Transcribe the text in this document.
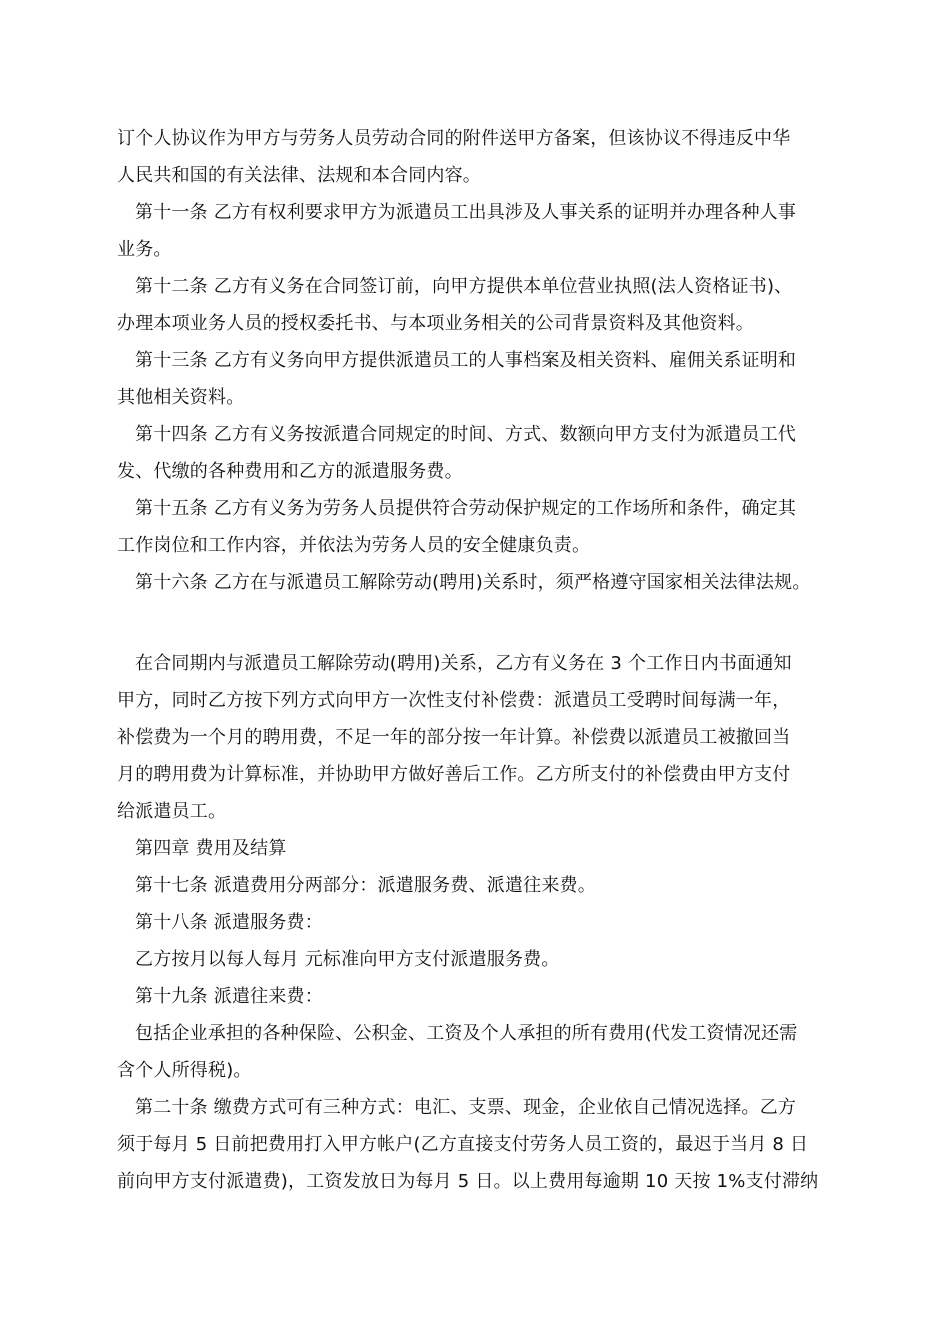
订个人协议作为甲方与劳务人员劳动合同的附件送甲方备案，但该协议不得违反中华
人民共和国的有关法律、法规和本合同内容。
第十一条 乙方有权利要求甲方为派遣员工出具涉及人事关系的证明并办理各种人事
业务。
第十二条 乙方有义务在合同签订前，向甲方提供本单位营业执照(法人资格证书)、
办理本项业务人员的授权委托书、与本项业务相关的公司背景资料及其他资料。
第十三条 乙方有义务向甲方提供派遣员工的人事档案及相关资料、雇佣关系证明和
其他相关资料。
第十四条 乙方有义务按派遣合同规定的时间、方式、数额向甲方支付为派遣员工代
发、代缴的各种费用和乙方的派遣服务费。
第十五条 乙方有义务为劳务人员提供符合劳动保护规定的工作场所和条件，确定其
工作岗位和工作内容，并依法为劳务人员的安全健康负责。
第十六条 乙方在与派遣员工解除劳动(聘用)关系时，须严格遵守国家相关法律法规。
在合同期内与派遣员工解除劳动(聘用)关系，乙方有义务在 3 个工作日内书面通知
甲方，同时乙方按下列方式向甲方一次性支付补偿费：派遣员工受聘时间每满一年，
补偿费为一个月的聘用费，不足一年的部分按一年计算。补偿费以派遣员工被撤回当
月的聘用费为计算标准，并协助甲方做好善后工作。乙方所支付的补偿费由甲方支付
给派遣员工。
第四章 费用及结算
第十七条 派遣费用分两部分：派遣服务费、派遣往来费。
第十八条 派遣服务费：
乙方按月以每人每月 元标准向甲方支付派遣服务费。
第十九条 派遣往来费：
包括企业承担的各种保险、公积金、工资及个人承担的所有费用(代发工资情况还需
含个人所得税)。
第二十条 缴费方式可有三种方式：电汇、支票、现金，企业依自己情况选择。乙方
须于每月 5 日前把费用打入甲方帐户(乙方直接支付劳务人员工资的，最迟于当月 8 日
前向甲方支付派遣费)，工资发放日为每月 5 日。以上费用每逾期 10 天按 1%支付滞纳
